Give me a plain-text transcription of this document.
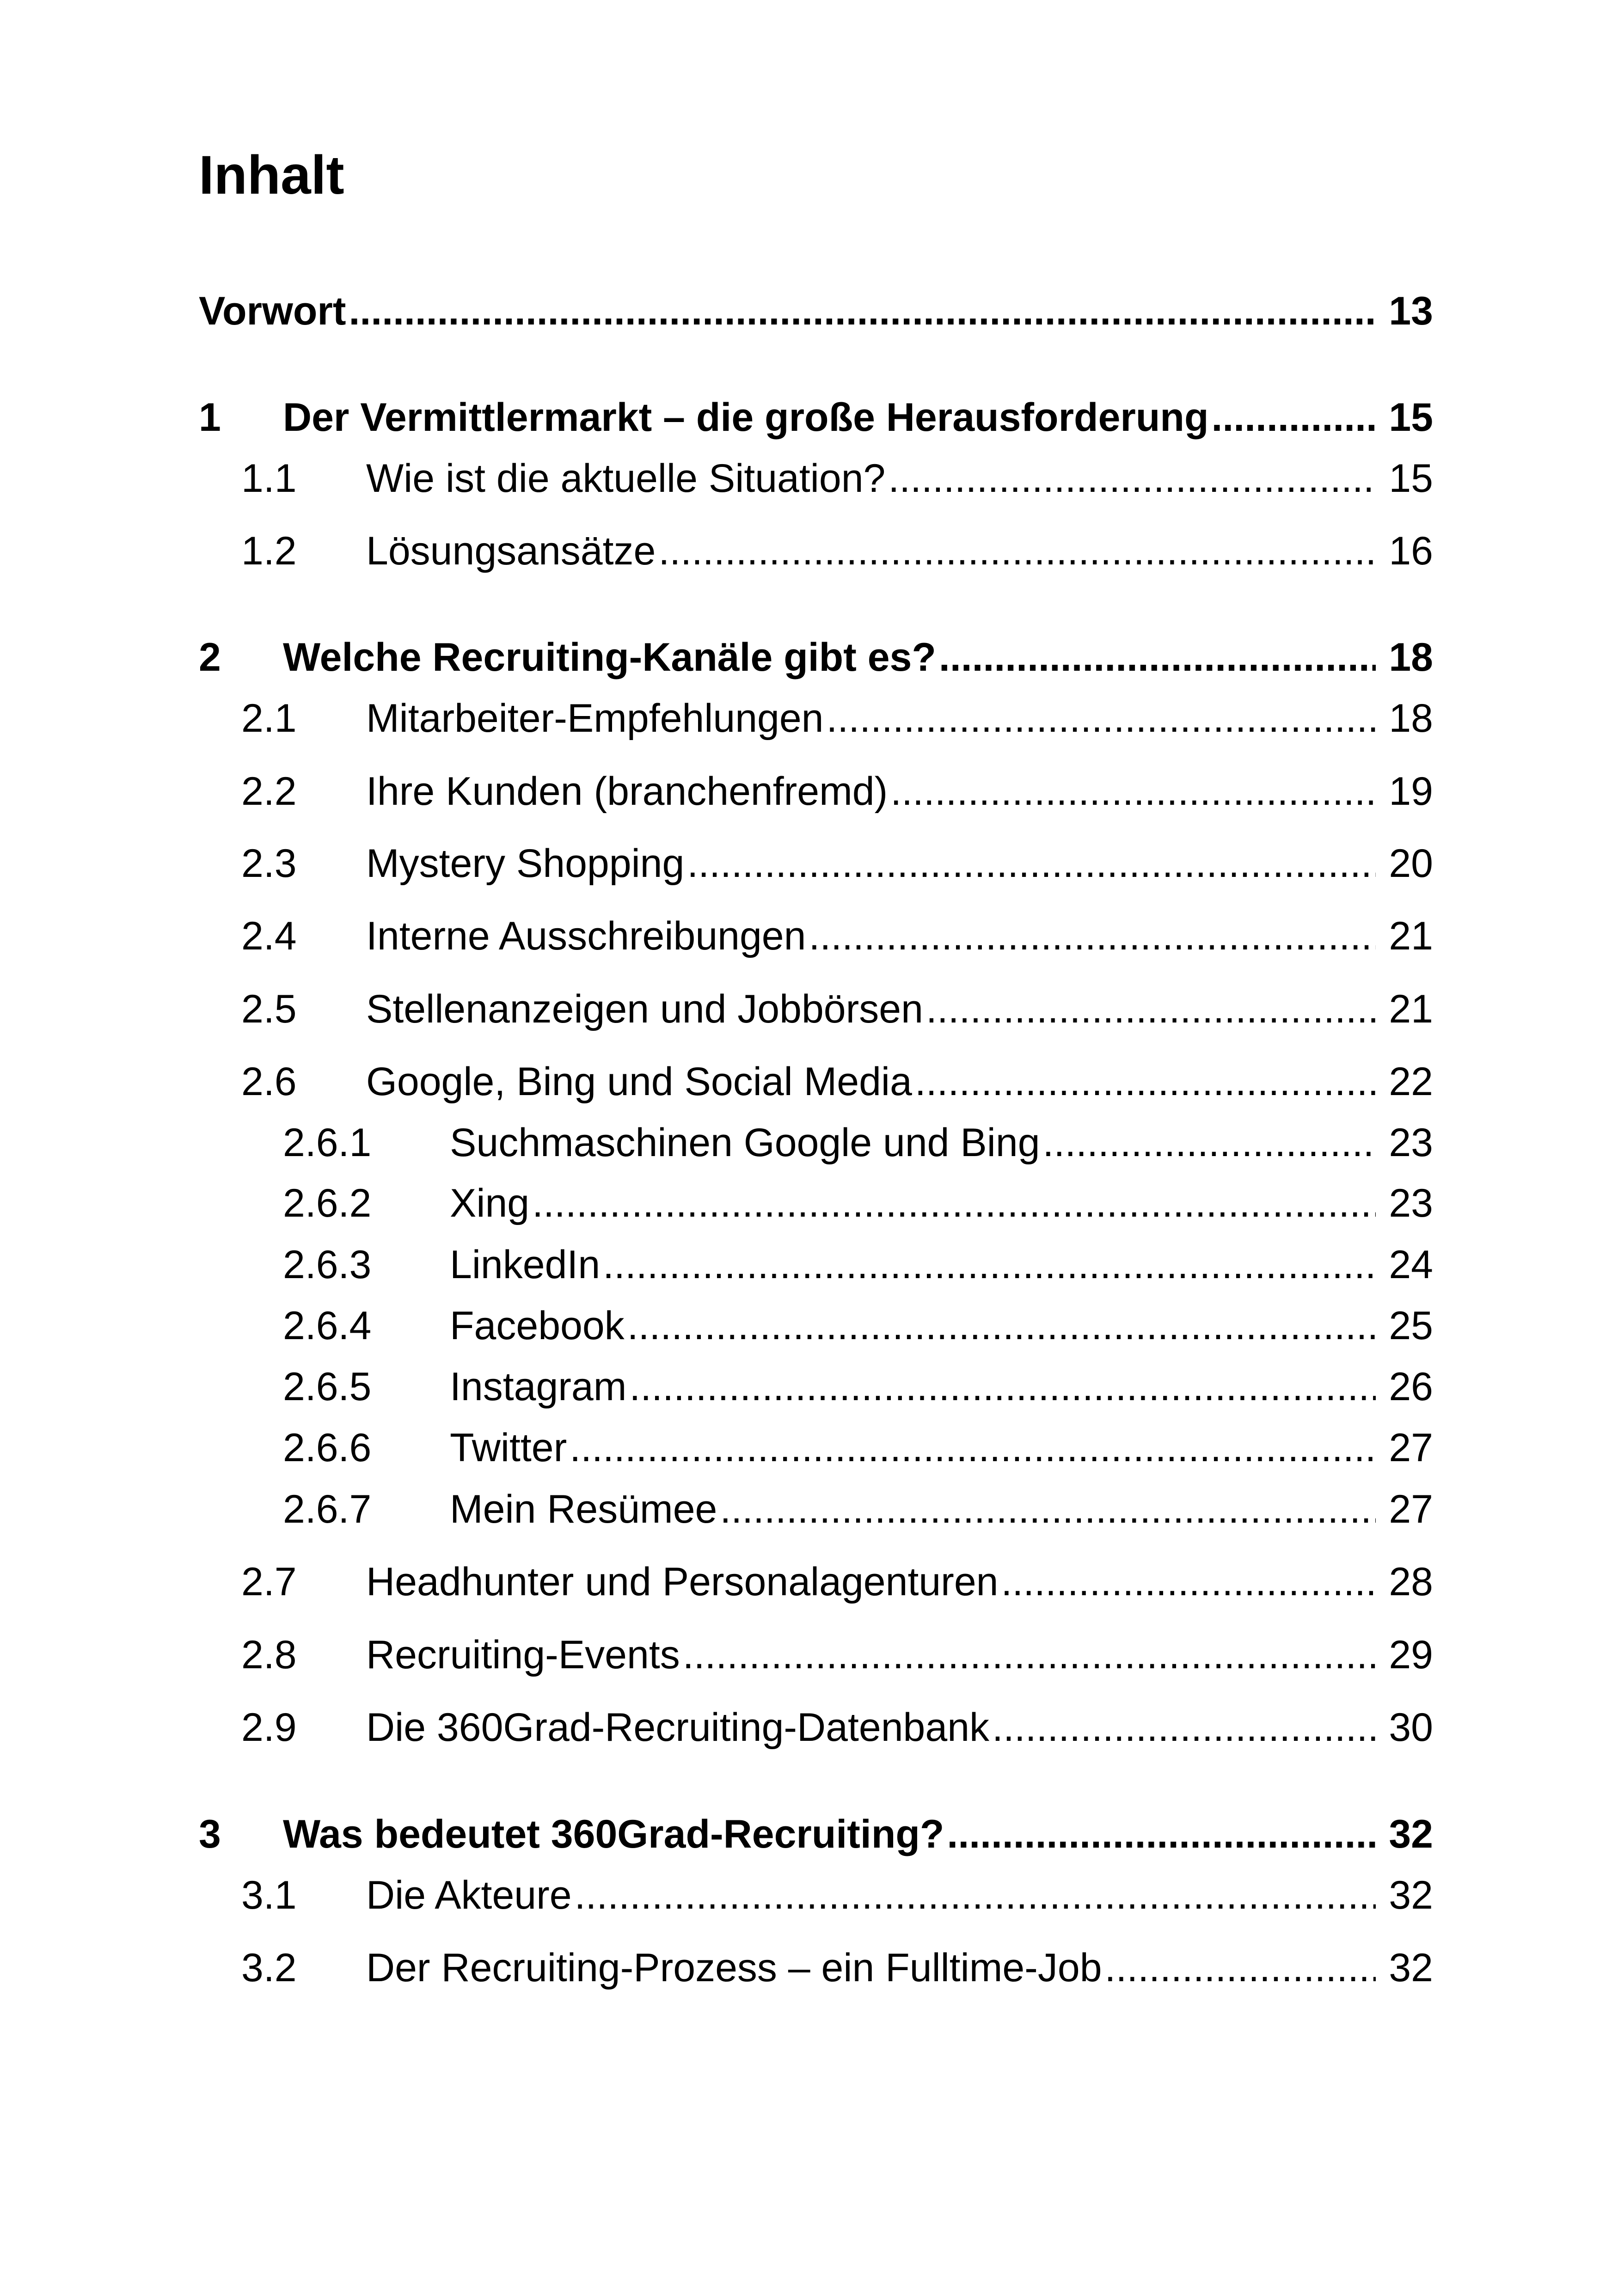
Inhalt
Vorwort .....	13
1 Der Vermittlermarkt – die große Herausforderung .....	15
1.1 Wie ist die aktuelle Situation? .....	15
1.2 Lösungsansätze .....	16
2 Welche Recruiting-Kanäle gibt es? .....	18
2.1 Mitarbeiter-Empfehlungen .....	18
2.2 Ihre Kunden (branchenfremd) .....	19
2.3 Mystery Shopping .....	20
2.4 Interne Ausschreibungen .....	21
2.5 Stellenanzeigen und Jobbörsen .....	21
2.6 Google, Bing und Social Media .....	22
2.6.1 Suchmaschinen Google und Bing .....	23
2.6.2 Xing .....	23
2.6.3 LinkedIn .....	24
2.6.4 Facebook .....	25
2.6.5 Instagram .....	26
2.6.6 Twitter .....	27
2.6.7 Mein Resümee .....	27
2.7 Headhunter und Personalagenturen .....	28
2.8 Recruiting-Events .....	29
2.9 Die 360Grad-Recruiting-Datenbank .....	30
3 Was bedeutet 360Grad-Recruiting? .....	32
3.1 Die Akteure .....	32
3.2 Der Recruiting-Prozess – ein Fulltime-Job .....	32
